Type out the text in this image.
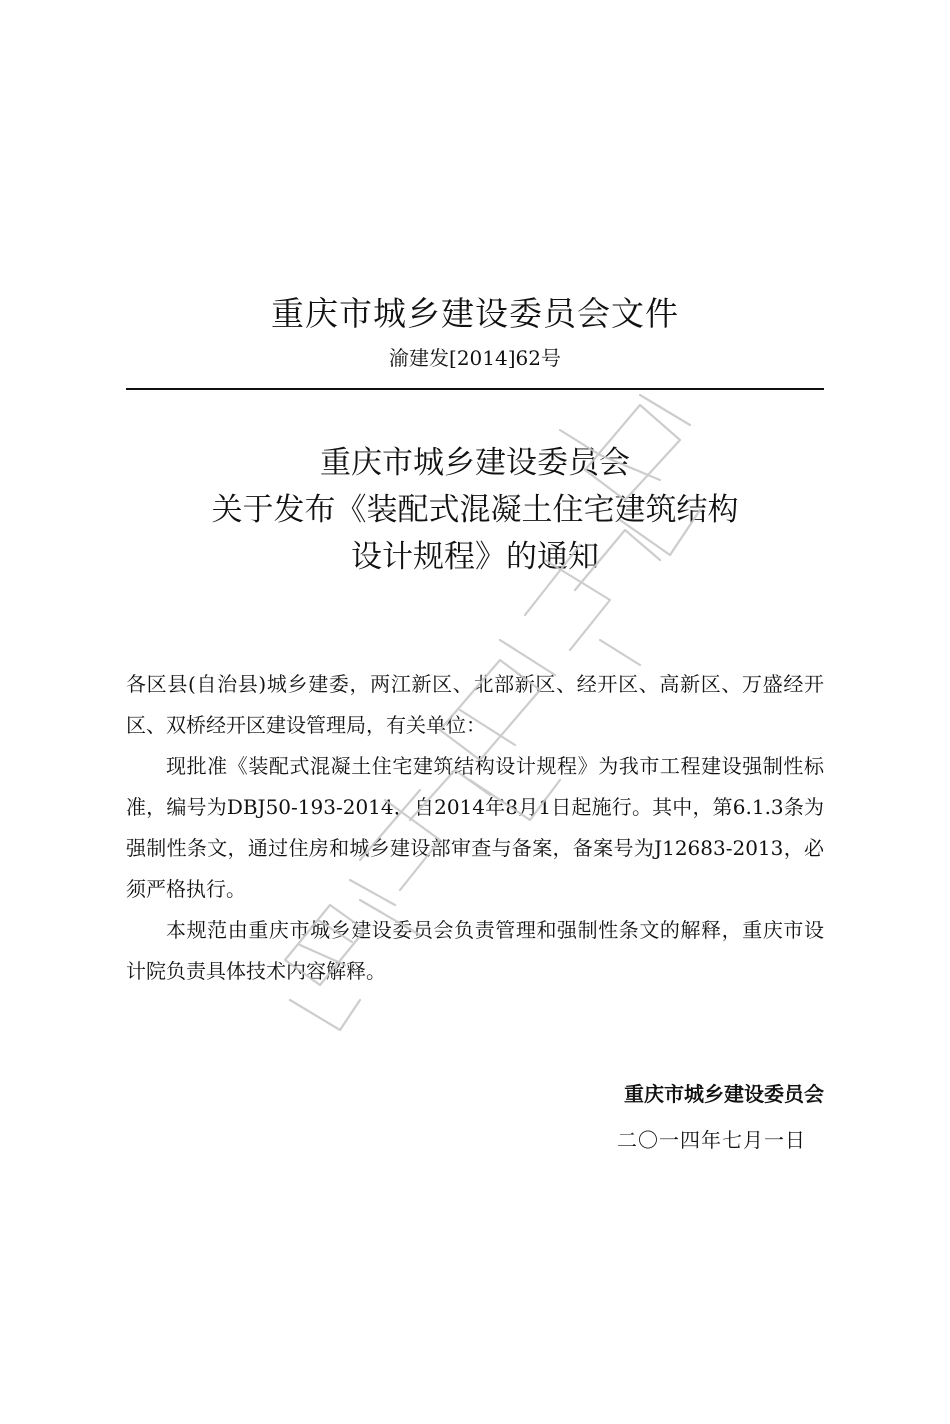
重庆市城乡建设委员会文件
渝建发[2014]62号
重庆市城乡建设委员会
关于发布《装配式混凝土住宅建筑结构
设计规程》的通知

各区县(自治县)城乡建委，两江新区、北部新区、经开区、高新区、万盛经开区、双桥经开区建设管理局，有关单位：

现批准《装配式混凝土住宅建筑结构设计规程》为我市工程建设强制性标准，编号为DBJ50-193-2014，自2014年8月1日起施行。其中，第6.1.3条为强制性条文，通过住房和城乡建设部审查与备案，备案号为J12683-2013，必须严格执行。

本规范由重庆市城乡建设委员会负责管理和强制性条文的解释，重庆市设计院负责具体技术内容解释。

重庆市城乡建设委员会
二〇一四年七月一日
